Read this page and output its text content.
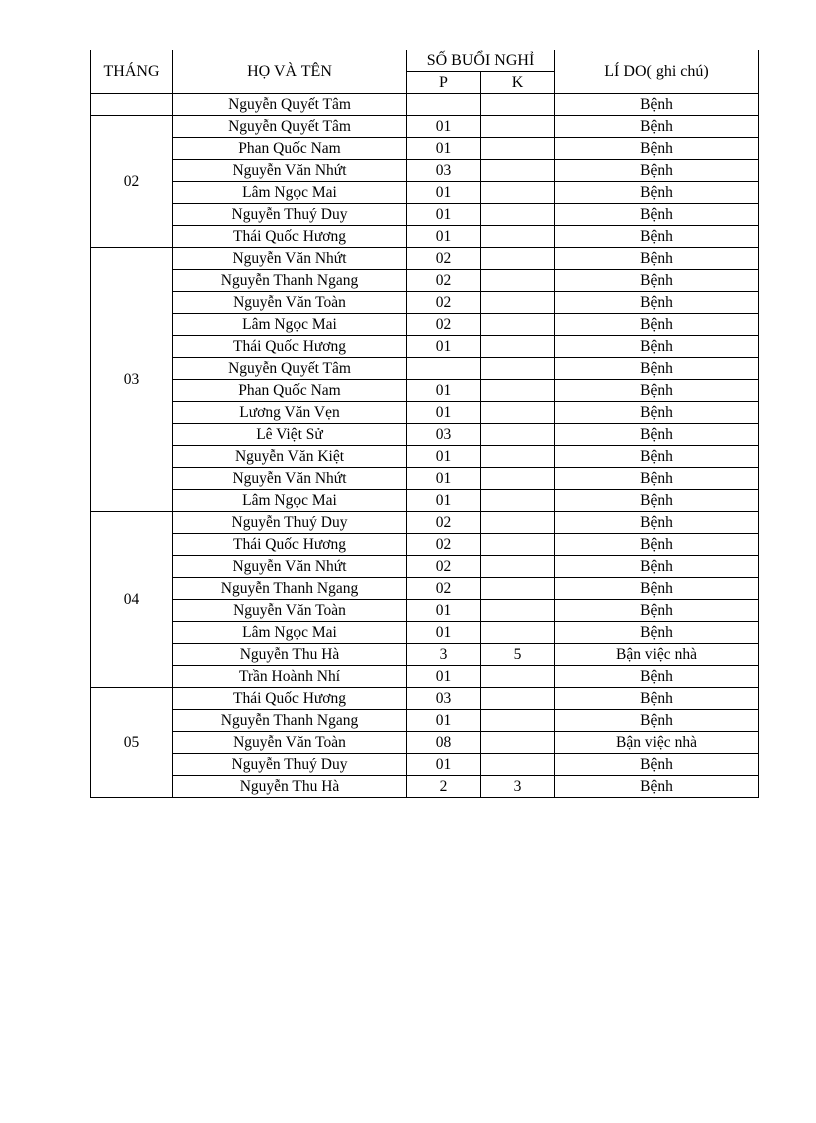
THÁNG	HỌ VÀ TÊN	SỐ BUỔI NGHỈ		LÍ DO( ghi chú)
		P	K	
	Nguyễn Quyết Tâm			Bệnh
02	Nguyễn Quyết Tâm	01		Bệnh
	Phan Quốc Nam	01		Bệnh
	Nguyễn Văn Nhứt	03		Bệnh
	Lâm Ngọc Mai	01		Bệnh
	Nguyễn Thuý Duy	01		Bệnh
	Thái Quốc Hương	01		Bệnh
03	Nguyễn Văn Nhứt	02		Bệnh
	Nguyễn Thanh Ngang	02		Bệnh
	Nguyễn Văn Toàn	02		Bệnh
	Lâm Ngọc Mai	02		Bệnh
	Thái Quốc Hương	01		Bệnh
	Nguyễn Quyết Tâm			Bệnh
	Phan Quốc Nam	01		Bệnh
	Lương Văn Vẹn	01		Bệnh
	Lê Việt Sử	03		Bệnh
	Nguyễn Văn Kiệt	01		Bệnh
	Nguyễn Văn Nhứt	01		Bệnh
	Lâm Ngọc Mai	01		Bệnh
04	Nguyễn Thuý Duy	02		Bệnh
	Thái Quốc Hương	02		Bệnh
	Nguyễn Văn Nhứt	02		Bệnh
	Nguyễn Thanh Ngang	02		Bệnh
	Nguyễn Văn Toàn	01		Bệnh
	Lâm Ngọc Mai	01		Bệnh
	Nguyễn Thu Hà	3	5	Bận việc nhà
	Trần Hoành Nhí	01		Bệnh
05	Thái Quốc Hương	03		Bệnh
	Nguyễn Thanh Ngang	01		Bệnh
	Nguyễn Văn Toàn	08		Bận việc nhà
	Nguyễn Thuý Duy	01		Bệnh
	Nguyễn Thu Hà	2	3	Bệnh
